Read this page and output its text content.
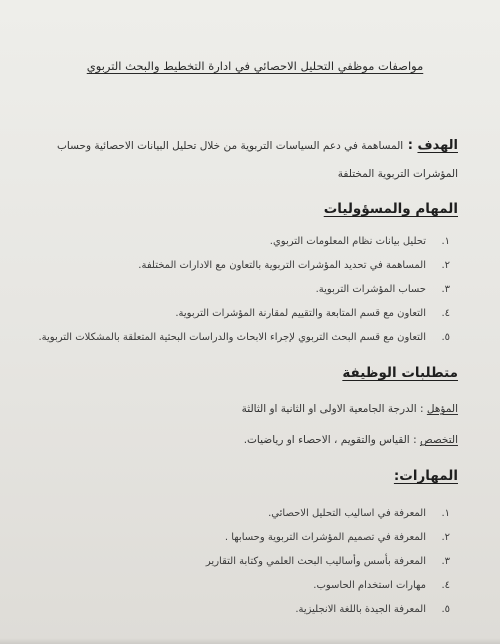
مواصفات موظفي التحليل الاحصائي في ادارة التخطيط والبحث التربوي
الهدف : المساهمة في دعم السياسات التربوية من خلال تحليل البيانات الاحصائية وحساب المؤشرات التربوية المختلفة
المهام والمسؤوليات
١.
تحليل بيانات نظام المعلومات التربوي.
٢.
المساهمة في تحديد المؤشرات التربوية بالتعاون مع الادارات المختلفة.
٣.
حساب المؤشرات التربوية.
٤.
التعاون مع قسم المتابعة والتقييم لمقارنة المؤشرات التربوية.
٥.
التعاون مع قسم البحث التربوي لإجراء الابحاث والدراسات البحثية المتعلقة بالمشكلات التربوية.
متطلبات الوظيفة
المؤهل : الدرجة الجامعية الاولى او الثانية او الثالثة
التخصص : القياس والتقويم ، الاحصاء او رياضيات.
المهارات:
١.
المعرفة في اساليب التحليل الاحصائي.
٢.
المعرفة في تصميم المؤشرات التربوية وحسابها .
٣.
المعرفة بأسس وأساليب البحث العلمي وكتابة التقارير
٤.
مهارات استخدام الحاسوب.
٥.
المعرفة الجيدة باللغة الانجليزية.
